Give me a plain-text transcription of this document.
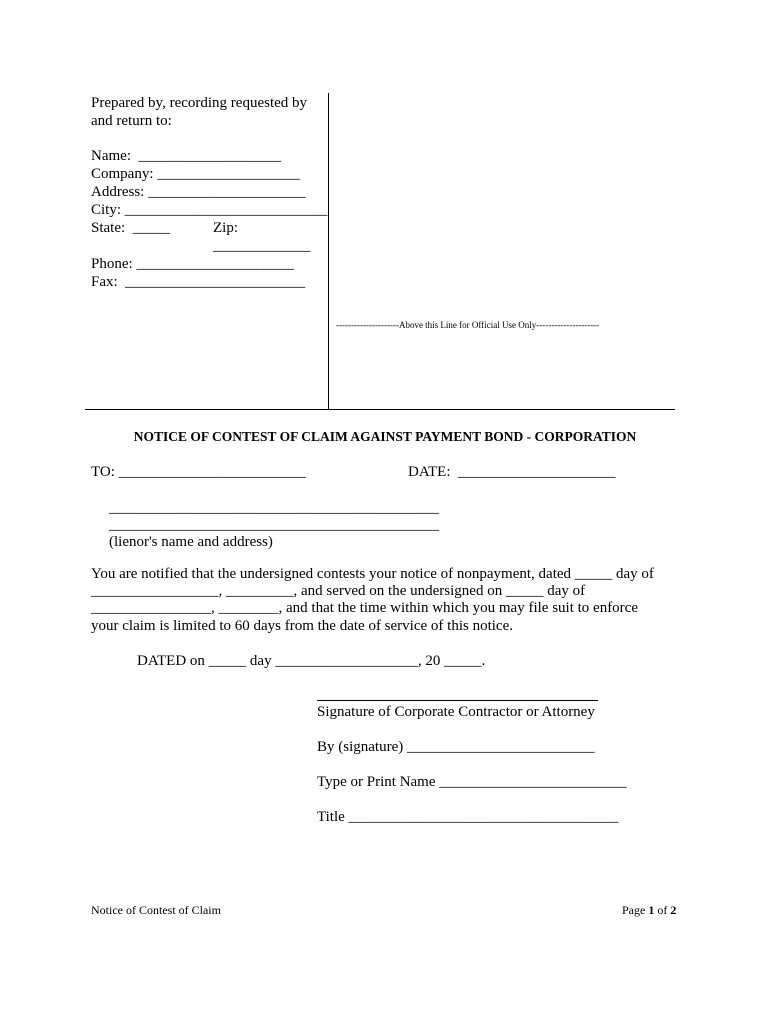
Prepared by, recording requested by
and return to:
Name:  ___________________
Company: ___________________
Address: _____________________
City: ___________________________
State:  _____	Zip:
_____________
Phone: _____________________
Fax:  ________________________
---------------------Above this Line for Official Use Only---------------------
NOTICE OF CONTEST OF CLAIM AGAINST PAYMENT BOND - CORPORATION
TO: _________________________	DATE:  _____________________
____________________________________________
____________________________________________
(lienor's name and address)
You are notified that the undersigned contests your notice of nonpayment, dated _____ day of
_________________, _________, and served on the undersigned on _____ day of
________________, ________, and that the time within which you may file suit to enforce
your claim is limited to 60 days from the date of service of this notice.
DATED on _____ day ___________________, 20 _____.
Signature of Corporate Contractor or Attorney
By (signature) _________________________
Type or Print Name _________________________
Title ____________________________________
Notice of Contest of Claim	Page 1 of 2
